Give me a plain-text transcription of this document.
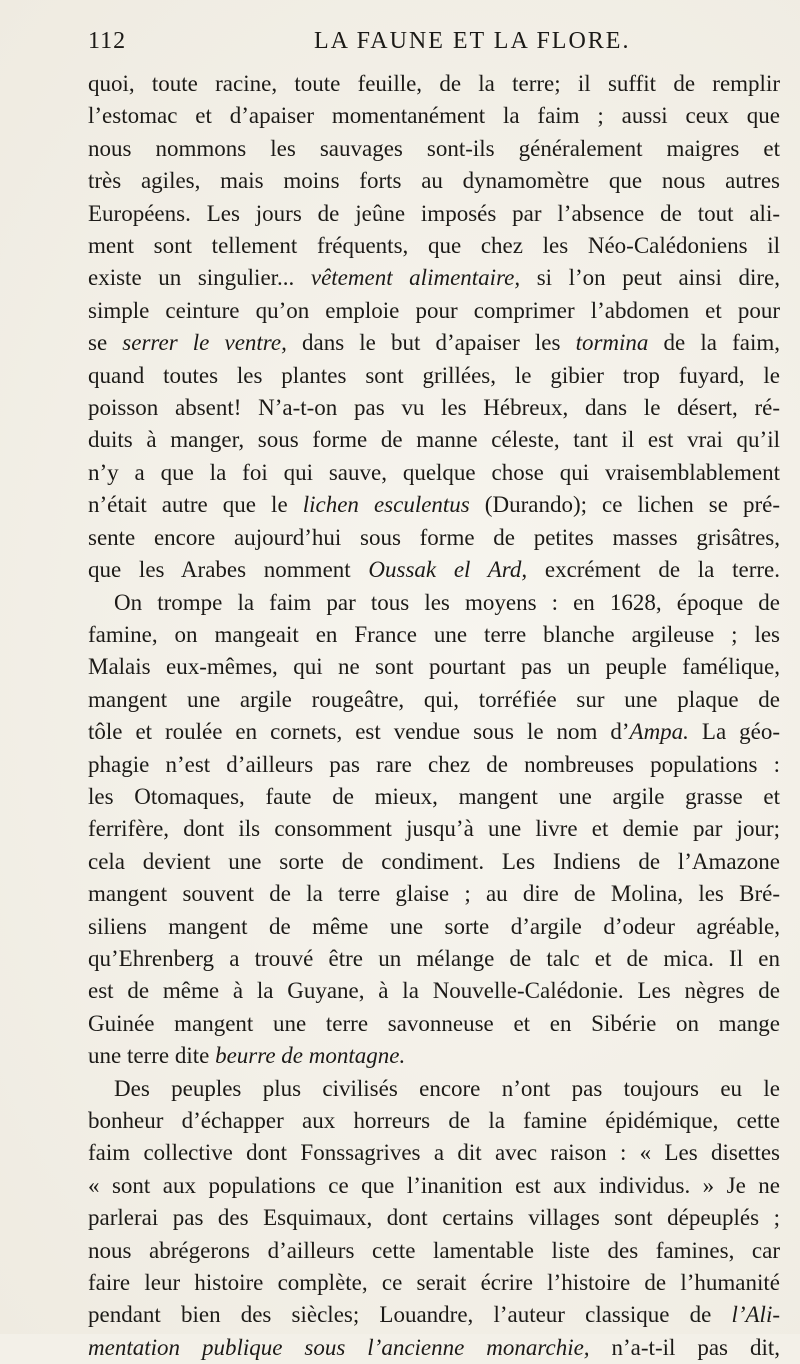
112	LA FAUNE ET LA FLORE.
quoi, toute racine, toute feuille, de la terre; il suffit de remplir
l’estomac et d’apaiser momentanément la faim ; aussi ceux que
nous nommons les sauvages sont-ils généralement maigres et
très agiles, mais moins forts au dynamomètre que nous autres
Européens. Les jours de jeûne imposés par l’absence de tout ali-
ment sont tellement fréquents, que chez les Néo-Calédoniens il
existe un singulier... vêtement alimentaire, si l’on peut ainsi dire,
simple ceinture qu’on emploie pour comprimer l’abdomen et pour
se serrer le ventre, dans le but d’apaiser les tormina de la faim,
quand toutes les plantes sont grillées, le gibier trop fuyard, le
poisson absent! N’a-t-on pas vu les Hébreux, dans le désert, ré-
duits à manger, sous forme de manne céleste, tant il est vrai qu’il
n’y a que la foi qui sauve, quelque chose qui vraisemblablement
n’était autre que le lichen esculentus (Durando); ce lichen se pré-
sente encore aujourd’hui sous forme de petites masses grisâtres,
que les Arabes nomment Oussak el Ard, excrément de la terre.
On trompe la faim par tous les moyens : en 1628, époque de
famine, on mangeait en France une terre blanche argileuse ; les
Malais eux-mêmes, qui ne sont pourtant pas un peuple famélique,
mangent une argile rougeâtre, qui, torréfiée sur une plaque de
tôle et roulée en cornets, est vendue sous le nom d’Ampa. La géo-
phagie n’est d’ailleurs pas rare chez de nombreuses populations :
les Otomaques, faute de mieux, mangent une argile grasse et
ferrifère, dont ils consomment jusqu’à une livre et demie par jour;
cela devient une sorte de condiment. Les Indiens de l’Amazone
mangent souvent de la terre glaise ; au dire de Molina, les Bré-
siliens mangent de même une sorte d’argile d’odeur agréable,
qu’Ehrenberg a trouvé être un mélange de talc et de mica. Il en
est de même à la Guyane, à la Nouvelle-Calédonie. Les nègres de
Guinée mangent une terre savonneuse et en Sibérie on mange
une terre dite beurre de montagne.
Des peuples plus civilisés encore n’ont pas toujours eu le
bonheur d’échapper aux horreurs de la famine épidémique, cette
faim collective dont Fonssagrives a dit avec raison : « Les disettes
« sont aux populations ce que l’inanition est aux individus. » Je ne
parlerai pas des Esquimaux, dont certains villages sont dépeuplés ;
nous abrégerons d’ailleurs cette lamentable liste des famines, car
faire leur histoire complète, ce serait écrire l’histoire de l’humanité
pendant bien des siècles; Louandre, l’auteur classique de l’Ali-
mentation publique sous l’ancienne monarchie, n’a-t-il pas dit,
